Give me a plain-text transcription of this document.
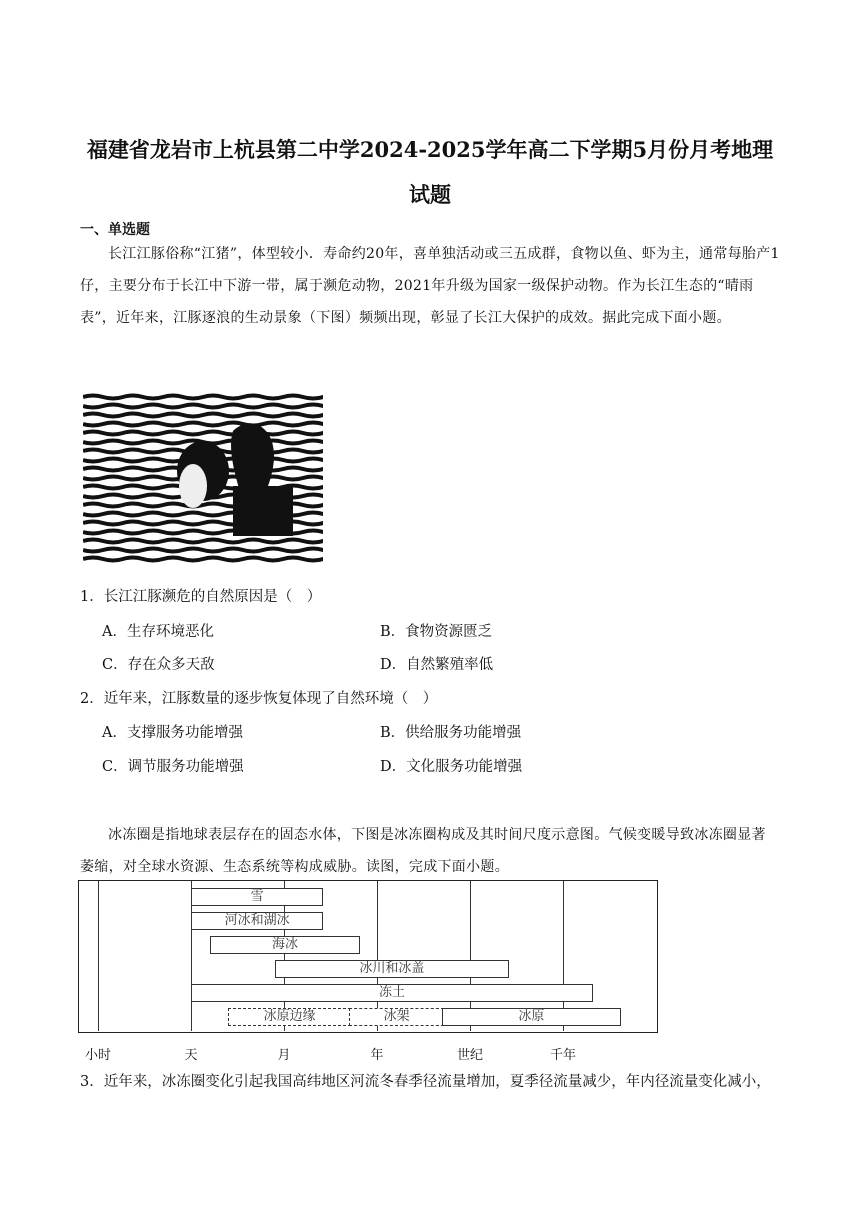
福建省龙岩市上杭县第二中学2024-2025学年高二下学期5月份月考地理
试题
一、单选题
长江江豚俗称“江猪”，体型较小．寿命约20年，喜单独活动或三五成群，食物以鱼、虾为主，通常每胎产1仔，主要分布于长江中下游一带，属于濒危动物，2021年升级为国家一级保护动物。作为长江生态的“晴雨表”，近年来，江豚逐浪的生动景象（下图）频频出现，彰显了长江大保护的成效。据此完成下面小题。
1．长江江豚濒危的自然原因是（　）
A．生存环境恶化	B．食物资源匮乏
C．存在众多天敌	D．自然繁殖率低
2．近年来，江豚数量的逐步恢复体现了自然环境（　）
A．支撑服务功能增强	B．供给服务功能增强
C．调节服务功能增强	D．文化服务功能增强
冰冻圈是指地球表层存在的固态水体，下图是冰冻圈构成及其时间尺度示意图。气候变暖导致冰冻圈显著萎缩，对全球水资源、生态系统等构成威胁。读图，完成下面小题。
小时	天	月	年	世纪	千年
雪
河冰和湖冰
海冰
冰川和冰盖
冻土
冰原边缘	冰架	冰原
3．近年来，冰冻圈变化引起我国高纬地区河流冬春季径流量增加，夏季径流量减少，年内径流量变化减小，
